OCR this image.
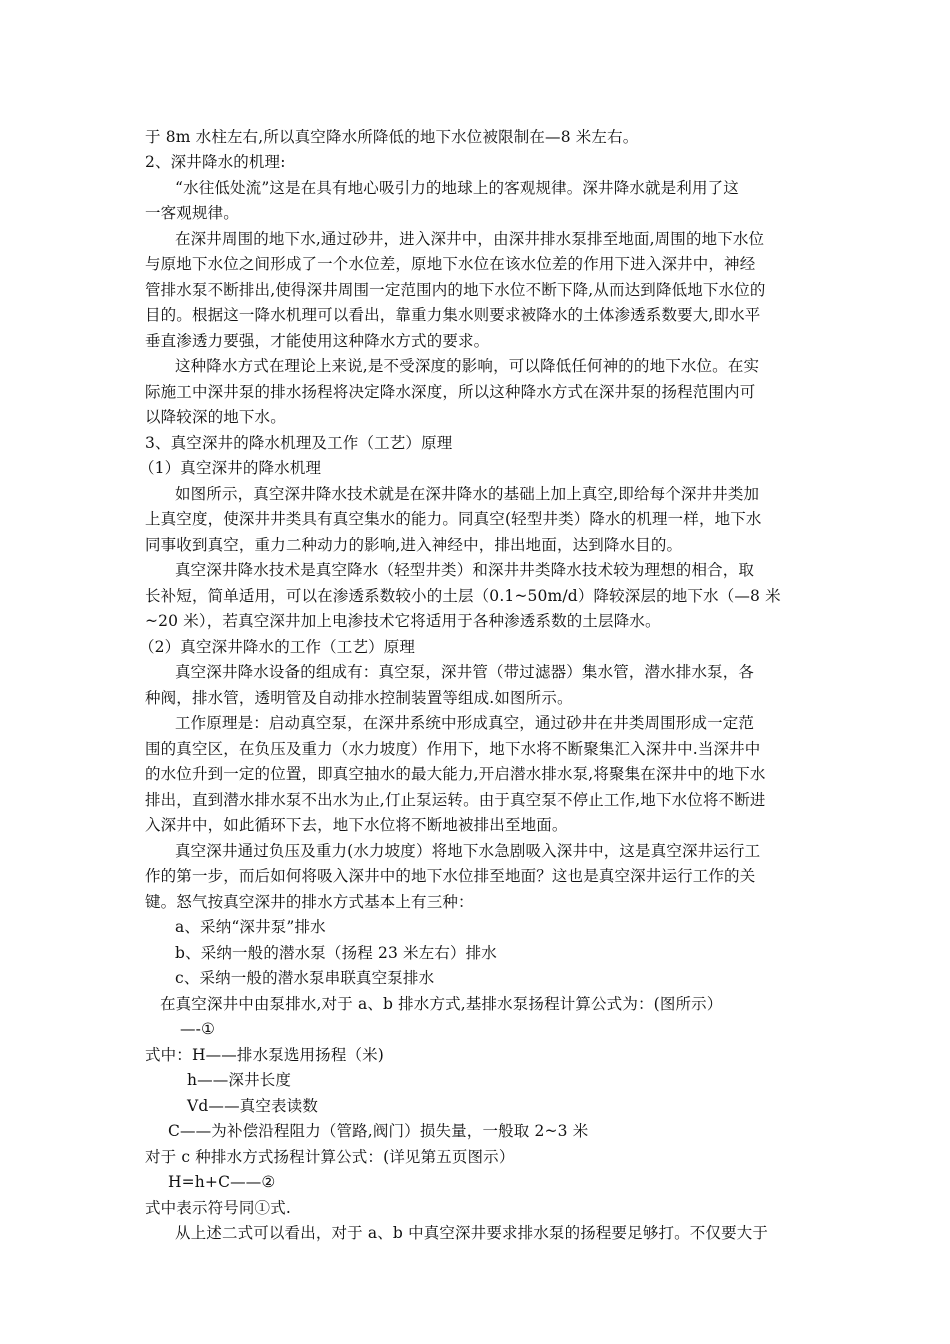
于 8m 水柱左右,所以真空降水所降低的地下水位被限制在—8 米左右。
2、深井降水的机理:
“水往低处流”这是在具有地心吸引力的地球上的客观规律。深井降水就是利用了这
一客观规律。
在深井周围的地下水,通过砂井，进入深井中，由深井排水泵排至地面,周围的地下水位
与原地下水位之间形成了一个水位差，原地下水位在该水位差的作用下进入深井中，神经
管排水泵不断排出,使得深井周围一定范围内的地下水位不断下降,从而达到降低地下水位的
目的。根据这一降水机理可以看出，靠重力集水则要求被降水的土体渗透系数要大,即水平
垂直渗透力要强，才能使用这种降水方式的要求。
这种降水方式在理论上来说,是不受深度的影响，可以降低任何神的的地下水位。在实
际施工中深井泵的排水扬程将决定降水深度，所以这种降水方式在深井泵的扬程范围内可
以降较深的地下水。
3、真空深井的降水机理及工作（工艺）原理
（1）真空深井的降水机理
如图所示，真空深井降水技术就是在深井降水的基础上加上真空,即给每个深井井类加
上真空度，使深井井类具有真空集水的能力。同真空(轻型井类）降水的机理一样，地下水
同事收到真空，重力二种动力的影响,进入神经中，排出地面，达到降水目的。
真空深井降水技术是真空降水（轻型井类）和深井井类降水技术较为理想的相合，取
长补短，简单适用，可以在渗透系数较小的土层（0.1~50m/d）降较深层的地下水（—8 米
~20 米），若真空深井加上电渗技术它将适用于各种渗透系数的土层降水。
（2）真空深井降水的工作（工艺）原理
真空深井降水设备的组成有：真空泵，深井管（带过滤器）集水管，潜水排水泵，各
种阀，排水管，透明管及自动排水控制装置等组成.如图所示。
工作原理是：启动真空泵，在深井系统中形成真空，通过砂井在井类周围形成一定范
围的真空区，在负压及重力（水力坡度）作用下，地下水将不断聚集汇入深井中.当深井中
的水位升到一定的位置，即真空抽水的最大能力,开启潜水排水泵,将聚集在深井中的地下水
排出，直到潜水排水泵不出水为止,仃止泵运转。由于真空泵不停止工作,地下水位将不断进
入深井中，如此循环下去，地下水位将不断地被排出至地面。
真空深井通过负压及重力(水力坡度）将地下水急剧吸入深井中，这是真空深井运行工
作的第一步，而后如何将吸入深井中的地下水位排至地面？这也是真空深井运行工作的关
键。怒气按真空深井的排水方式基本上有三种：
a、采纳“深井泵”排水
b、采纳一般的潜水泵（扬程 23 米左右）排水
c、采纳一般的潜水泵串联真空泵排水
在真空深井中由泵排水,对于 a、b 排水方式,基排水泵扬程计算公式为：(图所示）
—-①
式中：H——排水泵选用扬程（米)
h——深井长度
Vd——真空表读数
C——为补偿沿程阻力（管路,阀门）损失量，一般取 2~3 米
对于 c 种排水方式扬程计算公式：(详见第五页图示）
H=h+C——②
式中表示符号同①式.
从上述二式可以看出，对于 a、b 中真空深井要求排水泵的扬程要足够打。不仅要大于
